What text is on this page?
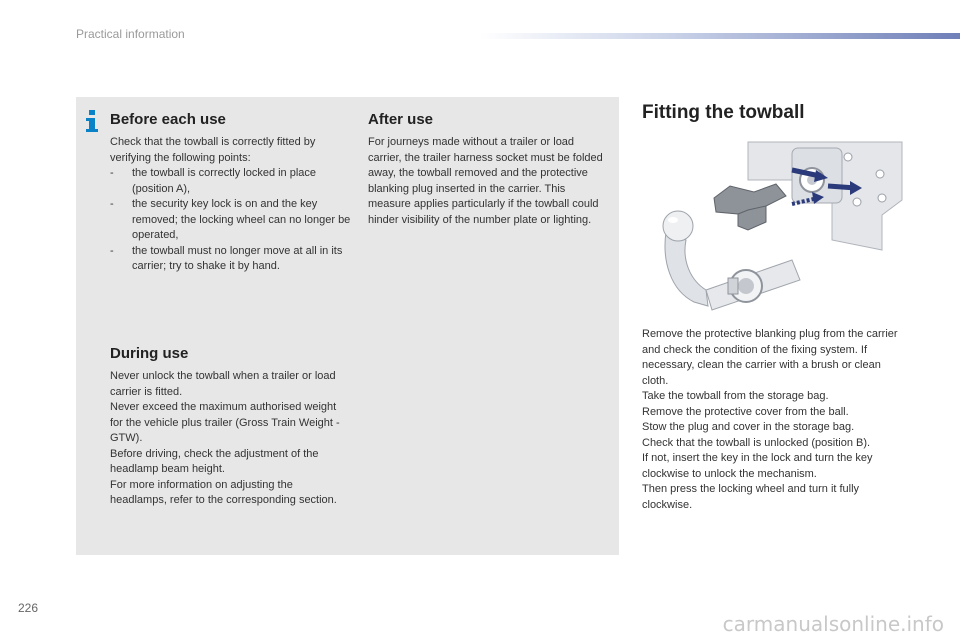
Practical information
Before each use

Check that the towball is correctly fitted by verifying the following points:

- the towball is correctly locked in place (position A),
- the security key lock is on and the key removed; the locking wheel can no longer be operated,
- the towball must no longer move at all in its carrier; try to shake it by hand.
During use

Never unlock the towball when a trailer or load carrier is fitted.

Never exceed the maximum authorised weight for the vehicle plus trailer (Gross Train Weight - GTW).

Before driving, check the adjustment of the headlamp beam height.

For more information on adjusting the headlamps, refer to the corresponding section.

After use

For journeys made without a trailer or load carrier, the trailer harness socket must be folded away, the towball removed and the protective blanking plug inserted in the carrier. This measure applies particularly if the towball could hinder visibility of the number plate or lighting.

Fitting the towball

Remove the protective blanking plug from the carrier and check the condition of the fixing system. If necessary, clean the carrier with a brush or clean cloth.

Take the towball from the storage bag.

Remove the protective cover from the ball.

Stow the plug and cover in the storage bag.

Check that the towball is unlocked (position B).

If not, insert the key in the lock and turn the key clockwise to unlock the mechanism.

Then press the locking wheel and turn it fully clockwise.

226
carmanualsonline.info
